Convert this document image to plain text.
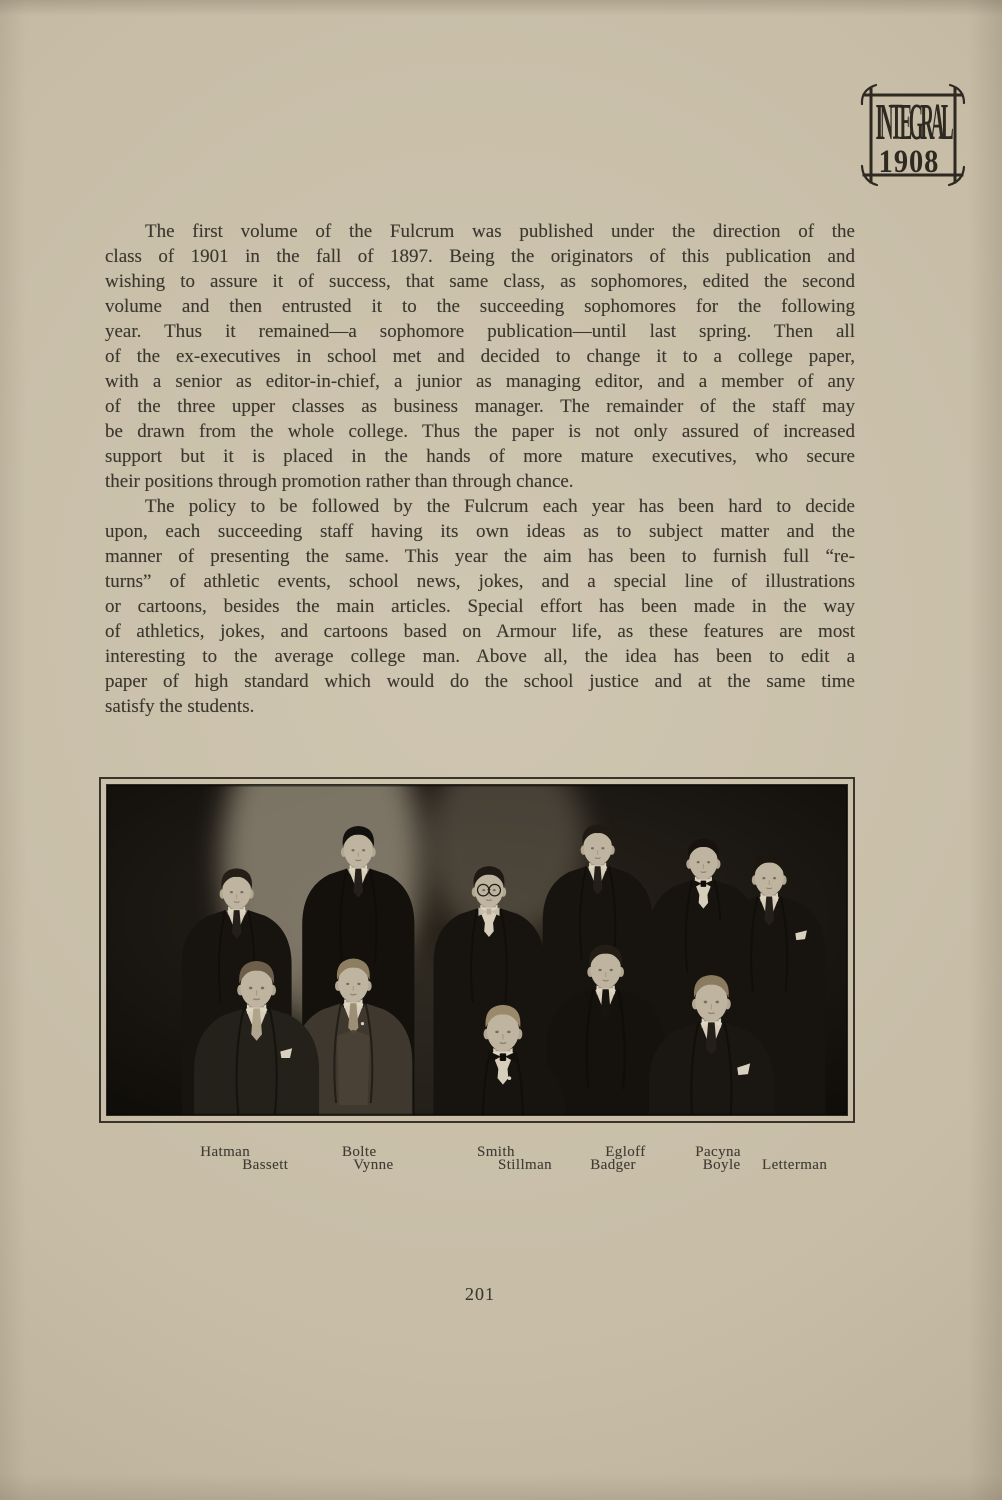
INTEGRAL
1908
The first volume of the Fulcrum was published under the direction of the
class of 1901 in the fall of 1897. Being the originators of this publication and
wishing to assure it of success, that same class, as sophomores, edited the second
volume and then entrusted it to the succeeding sophomores for the following
year. Thus it remained—a sophomore publication—until last spring. Then all
of the ex-executives in school met and decided to change it to a college paper,
with a senior as editor-in-chief, a junior as managing editor, and a member of any
of the three upper classes as business manager. The remainder of the staff may
be drawn from the whole college. Thus the paper is not only assured of increased
support but it is placed in the hands of more mature executives, who secure
their positions through promotion rather than through chance.
The policy to be followed by the Fulcrum each year has been hard to decide
upon, each succeeding staff having its own ideas as to subject matter and the
manner of presenting the same. This year the aim has been to furnish full “re-
turns” of athletic events, school news, jokes, and a special line of illustrations
or cartoons, besides the main articles. Special effort has been made in the way
of athletics, jokes, and cartoons based on Armour life, as these features are most
interesting to the average college man. Above all, the idea has been to edit a
paper of high standard which would do the school justice and at the same time
satisfy the students.
Hatman	Bolte	Smith	Egloff	Pacyna
Bassett	Vynne	Stillman	Badger	Boyle Letterman
201
